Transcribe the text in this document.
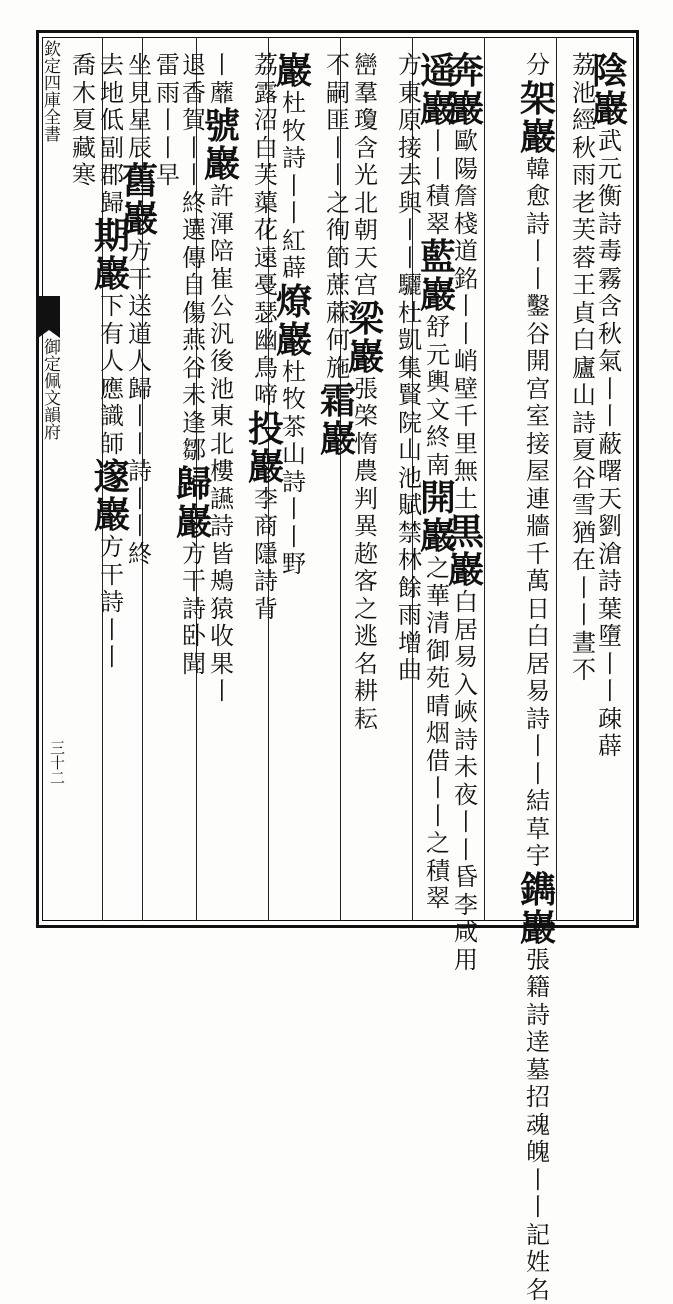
欽定四庫全書
御定佩文韻府
三十二
陰
巖
武
元
衡
詩
毒
霧
含
秋
氣
丨
丨
蔽
曙
天
劉
滄
詩
葉
墮
丨
丨
疎
薜
荔
池
經
秋
雨
老
芙
蓉
王
貞
白
廬
山
詩
夏
谷
雪
猶
在
丨
丨
晝
不
分
架
巖
韓
愈
詩
丨
丨
鑿
谷
開
宫
室
接
屋
連
牆
千
萬
日
白
居
易
詩
丨
丨
結
草
宇
鐫
巖
張
籍
詩
逹
墓
招
魂
魄
丨
丨
記
姓
名
奔
巖
歐
陽
詹
棧
道
銘
丨
丨
峭
壁
千
里
無
土
黒
巖
白
居
易
入
峽
詩
未
夜
丨
丨
昏
李
咸
用
遥
巖
丨
丨
積
翠
藍
巖
舒
元
輿
文
終
南
開
巖
之
華
清
御
苑
晴
烟
借
丨
丨
之
積
翠
方
東
原
接
去
與
丨
丨
驪
杜
凱
集
賢
院
山
池
賦
禁
林
餘
雨
增
曲
巒
羣
瓊
含
光
北
朝
天
宫
梁
巖
張
棨
惰
農
判
異
趂
客
之
逃
名
耕
耘
不
嗣
匪
丨
丨
之
徇
節
蔗
蔴
何
施
霜
巖
巖
杜
牧
詩
丨
丨
紅
薜
燎
巖
杜
牧
茶
山
詩
丨
丨
野
荔
露
沼
白
芙
蕖
花
遠
戞
瑟
幽
鳥
啼
投
巖
李
商
隱
詩
背
丨
蘼
號
巖
許
渾
陪
崔
公
汎
後
池
東
北
樓
讌
詩
皆
鴂
猿
收
果
丨
退
香
賀
丨
丨
終
選
傳
自
傷
燕
谷
未
逢
鄒
歸
巖
方
干
詩
卧
聞
雷
雨
丨
丨
早
坐
見
星
辰
舊
巖
方
干
送
道
人
歸
丨
丨
詩
丨
丨
終
去
地
低
副
郡
歸
期
巖
下
有
人
應
識
師
邃
巖
方
干
詩
丨
丨
喬
木
夏
藏
寒
